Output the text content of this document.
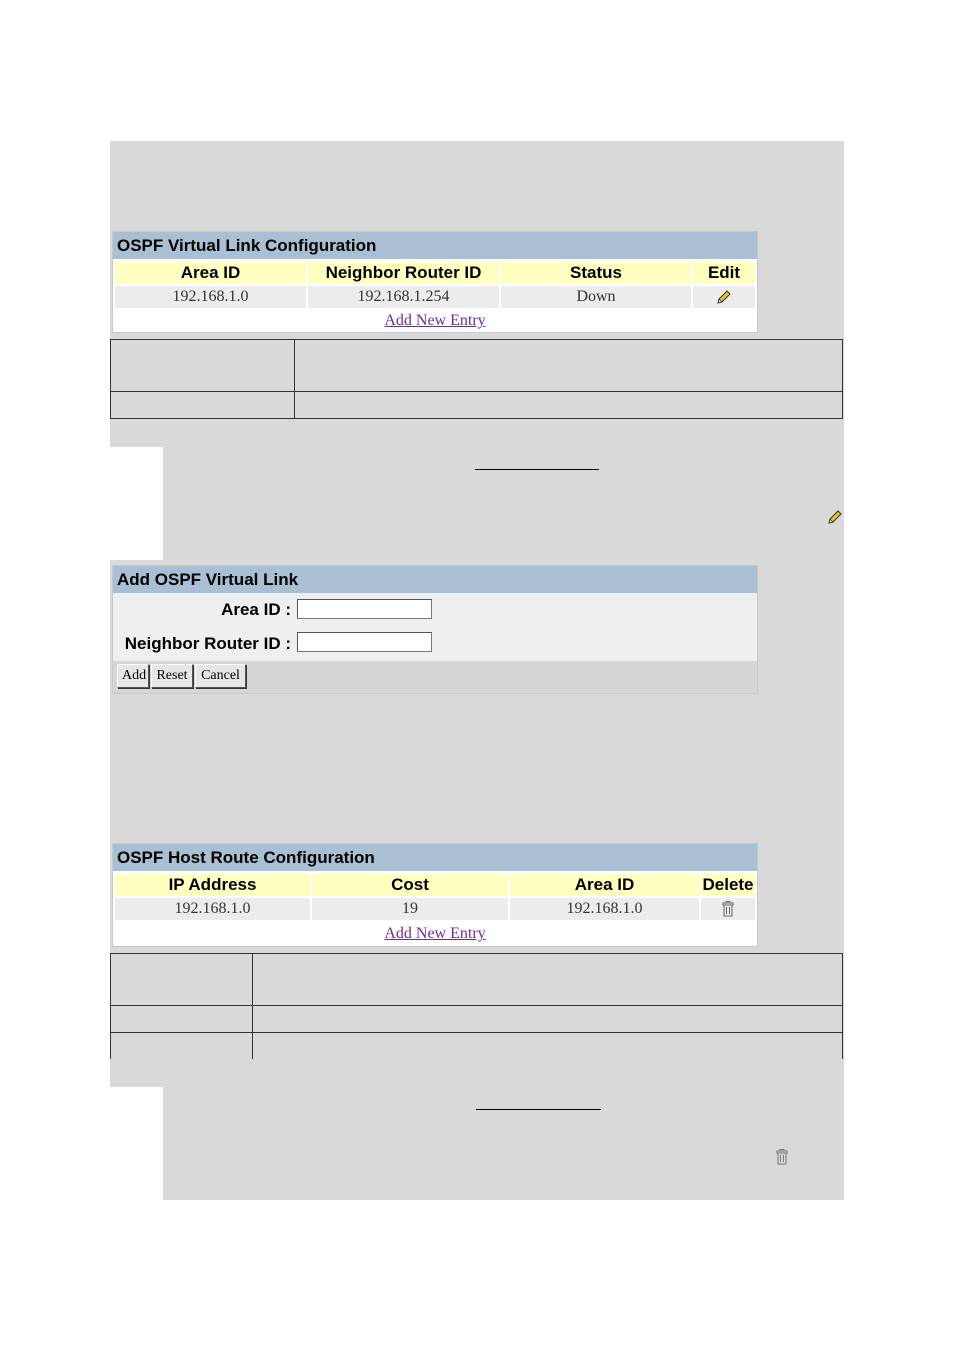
OSPF Virtual Link Configuration
Area ID	Neighbor Router ID	Status	Edit
192.168.1.0	192.168.1.254	Down
Add New Entry
Add OSPF Virtual Link
Area ID :
Neighbor Router ID :
Add Reset Cancel
OSPF Host Route Configuration
IP Address	Cost	Area ID	Delete
192.168.1.0	19	192.168.1.0
Add New Entry
